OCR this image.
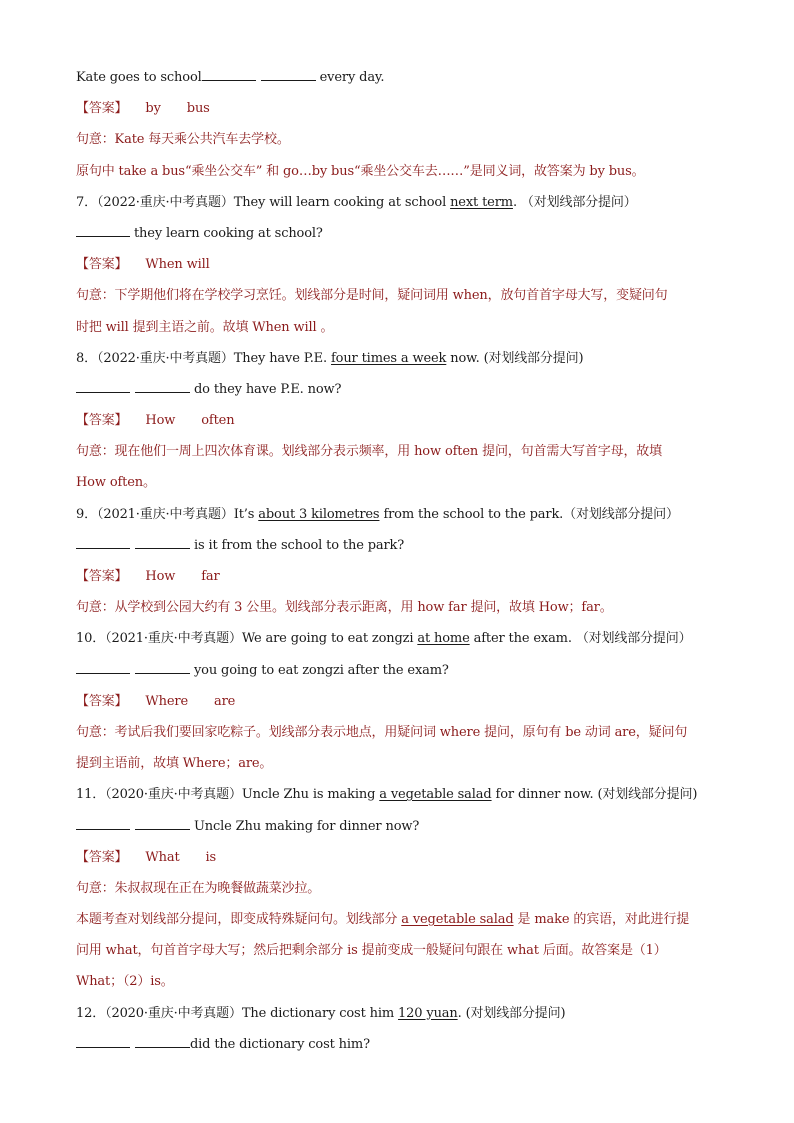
Kate goes to school	every day.
【答案】 by bus
句意：Kate 每天乘公共汽车去学校。
原句中 take a bus“乘坐公交车” 和 go…by bus“乘坐公交车去……”是同义词，故答案为 by bus。
7．（2022·重庆·中考真题）They will learn cooking at school next term. （对划线部分提问）
they learn cooking at school?
【答案】 When will
句意：下学期他们将在学校学习烹饪。划线部分是时间，疑问词用 when，放句首首字母大写，变疑问句
时把 will 提到主语之前。故填 When will 。
8．（2022·重庆·中考真题）They have P.E. four times a week now. (对划线部分提问)
do they have P.E. now?
【答案】 How often
句意：现在他们一周上四次体育课。划线部分表示频率，用 how often 提问，句首需大写首字母，故填
How often。
9．（2021·重庆·中考真题）It’s about 3 kilometres from the school to the park.（对划线部分提问）
is it from the school to the park?
【答案】 How far
句意：从学校到公园大约有 3 公里。划线部分表示距离，用 how far 提问，故填 How；far。
10．（2021·重庆·中考真题）We are going to eat zongzi at home after the exam. （对划线部分提问）
you going to eat zongzi after the exam?
【答案】 Where are
句意：考试后我们要回家吃粽子。划线部分表示地点，用疑问词 where 提问，原句有 be 动词 are，疑问句
提到主语前，故填 Where；are。
11．（2020·重庆·中考真题）Uncle Zhu is making a vegetable salad for dinner now. (对划线部分提问)
Uncle Zhu making for dinner now?
【答案】 What is
句意：朱叔叔现在正在为晚餐做蔬菜沙拉。
本题考查对划线部分提问，即变成特殊疑问句。划线部分 a vegetable salad 是 make 的宾语，对此进行提
问用 what，句首首字母大写；然后把剩余部分 is 提前变成一般疑问句跟在 what 后面。故答案是（1）
What；（2）is。
12．（2020·重庆·中考真题）The dictionary cost him 120 yuan. (对划线部分提问)
did the dictionary cost him?
